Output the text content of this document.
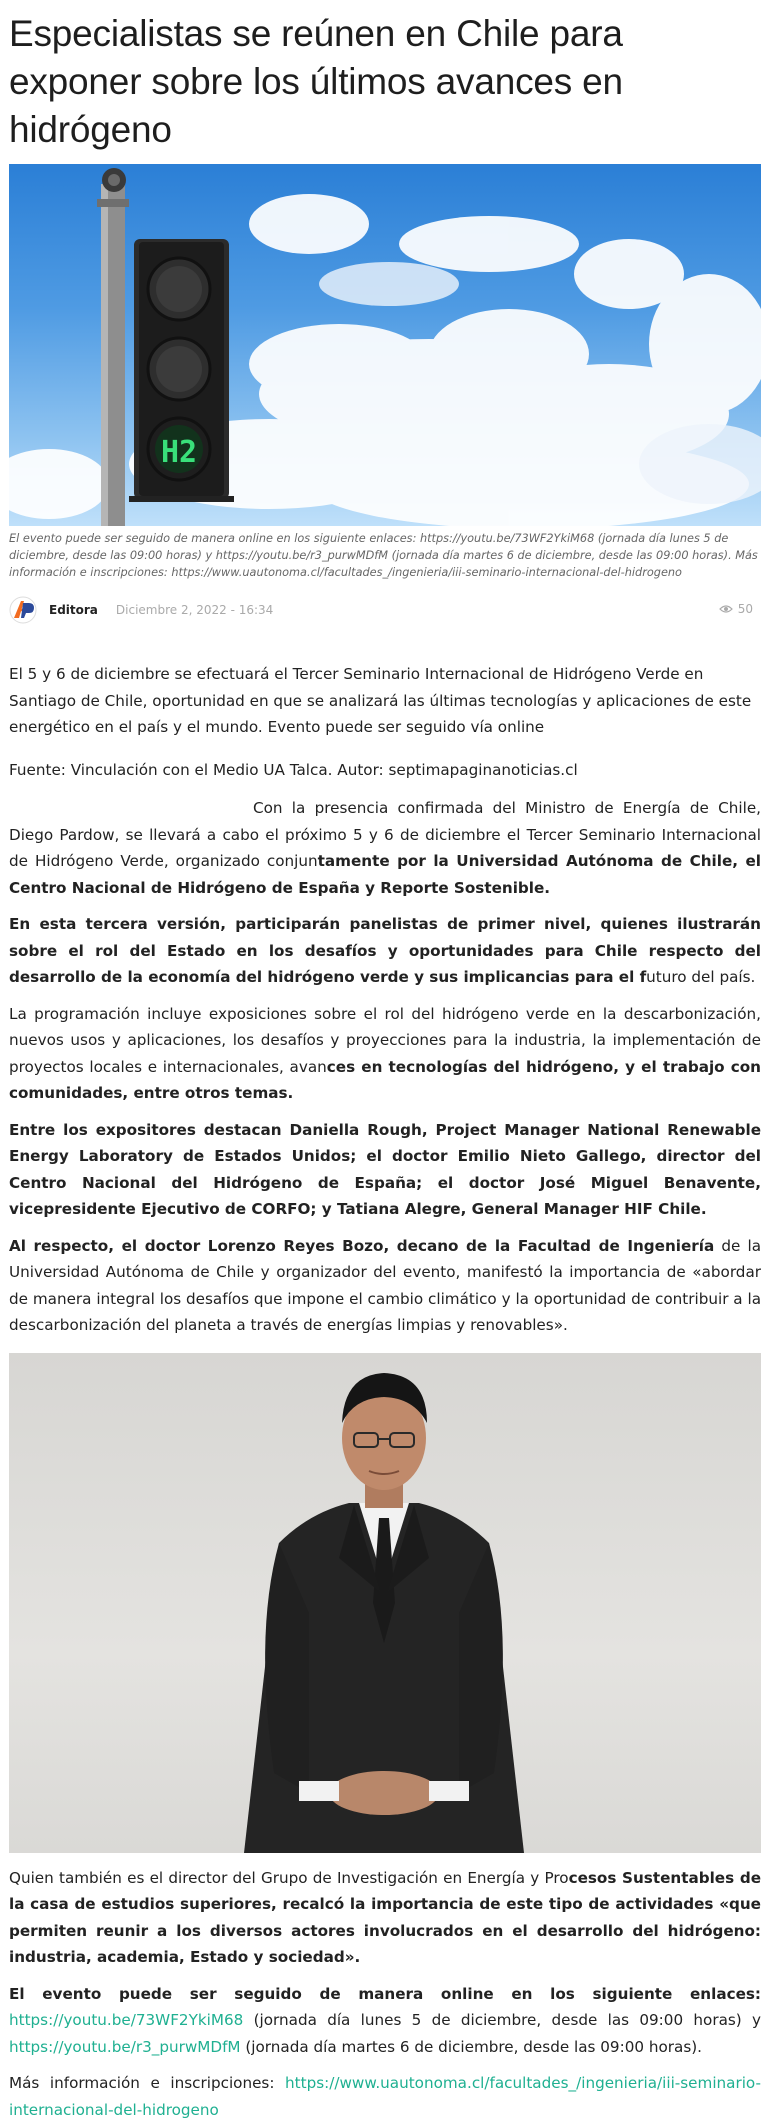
Especialistas se reúnen en Chile para exponer sobre los últimos avances en hidrógeno
H2
El evento puede ser seguido de manera online en los siguiente enlaces: https://youtu.be/73WF2YkiM68 (jornada día lunes 5 de diciembre, desde las 09:00 horas) y https://youtu.be/r3_purwMDfM (jornada día martes 6 de diciembre, desde las 09:00 horas). Más información e inscripciones: https://www.uautonoma.cl/facultades_/ingenieria/iii-seminario-internacional-del-hidrogeno
Editora Diciembre 2, 2022 - 16:34	50

El 5 y 6 de diciembre se efectuará el Tercer Seminario Internacional de Hidrógeno Verde en Santiago de Chile, oportunidad en que se analizará las últimas tecnologías y aplicaciones de este energético en el país y el mundo. Evento puede ser seguido vía online

Fuente: Vinculación con el Medio UA Talca. Autor: septimapaginanoticias.cl

Con la presencia confirmada del Ministro de Energía de Chile, Diego Pardow, se llevará a cabo el próximo 5 y 6 de diciembre el Tercer Seminario Internacional de Hidrógeno Verde, organizado conjuntamente por la Universidad Autónoma de Chile, el Centro Nacional de Hidrógeno de España y Reporte Sostenible.

En esta tercera versión, participarán panelistas de primer nivel, quienes ilustrarán sobre el rol del Estado en los desafíos y oportunidades para Chile respecto del desarrollo de la economía del hidrógeno verde y sus implicancias para el futuro del país.

La programación incluye exposiciones sobre el rol del hidrógeno verde en la descarbonización, nuevos usos y aplicaciones, los desafíos y proyecciones para la industria, la implementación de proyectos locales e internacionales, avances en tecnologías del hidrógeno, y el trabajo con comunidades, entre otros temas.

Entre los expositores destacan Daniella Rough, Project Manager National Renewable Energy Laboratory de Estados Unidos; el doctor Emilio Nieto Gallego, director del Centro Nacional del Hidrógeno de España; el doctor José Miguel Benavente, vicepresidente Ejecutivo de CORFO; y Tatiana Alegre, General Manager HIF Chile.

Al respecto, el doctor Lorenzo Reyes Bozo, decano de la Facultad de Ingeniería de la Universidad Autónoma de Chile y organizador del evento, manifestó la importancia de «abordar de manera integral los desafíos que impone el cambio climático y la oportunidad de contribuir a la descarbonización del planeta a través de energías limpias y renovables».

Quien también es el director del Grupo de Investigación en Energía y Procesos Sustentables de la casa de estudios superiores, recalcó la importancia de este tipo de actividades «que permiten reunir a los diversos actores involucrados en el desarrollo del hidrógeno: industria, academia, Estado y sociedad».

El evento puede ser seguido de manera online en los siguiente enlaces: https://youtu.be/73WF2YkiM68 (jornada día lunes 5 de diciembre, desde las 09:00 horas) y https://youtu.be/r3_purwMDfM (jornada día martes 6 de diciembre, desde las 09:00 horas).

Más información e inscripciones: https://www.uautonoma.cl/facultades_/ingenieria/iii-seminario-internacional-del-hidrogeno
